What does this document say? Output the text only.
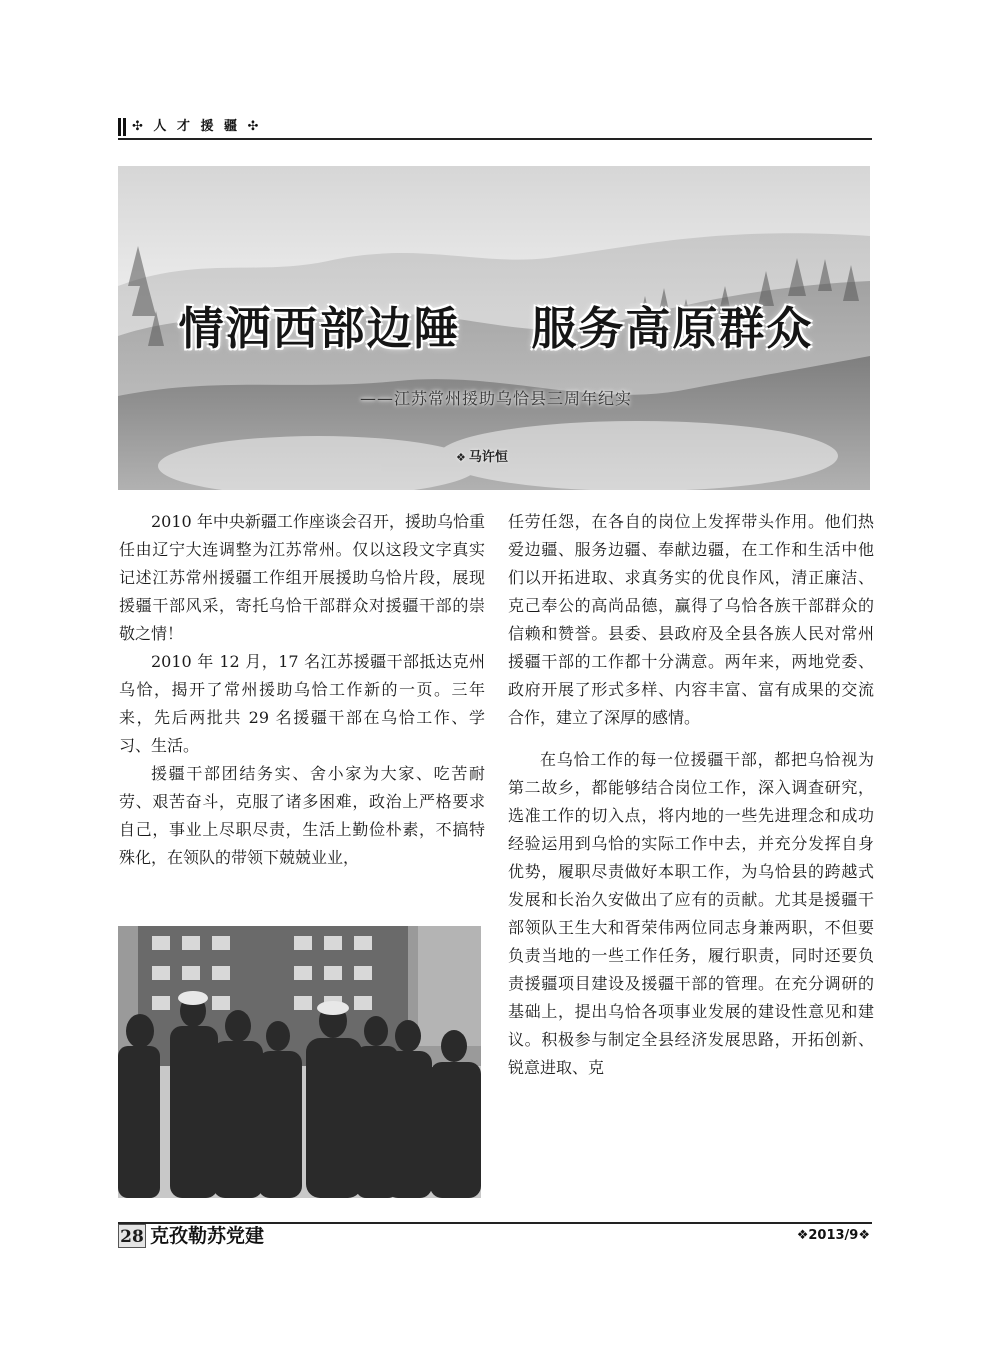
✣ 人 才 援 疆 ✣
情洒西部边陲    服务高原群众
——江苏常州援助乌恰县三周年纪实
❖ 马许恒

2010 年中央新疆工作座谈会召开，援助乌恰重任由辽宁大连调整为江苏常州。仅以这段文字真实记述江苏常州援疆工作组开展援助乌恰片段，展现援疆干部风采，寄托乌恰干部群众对援疆干部的崇敬之情！

2010 年 12 月，17 名江苏援疆干部抵达克州乌恰，揭开了常州援助乌恰工作新的一页。三年来，先后两批共 29 名援疆干部在乌恰工作、学习、生活。

援疆干部团结务实、舍小家为大家、吃苦耐劳、艰苦奋斗，克服了诸多困难，政治上严格要求自己，事业上尽职尽责，生活上勤俭朴素，不搞特殊化，在领队的带领下兢兢业业，

任劳任怨，在各自的岗位上发挥带头作用。他们热爱边疆、服务边疆、奉献边疆，在工作和生活中他们以开拓进取、求真务实的优良作风，清正廉洁、克己奉公的高尚品德，赢得了乌恰各族干部群众的信赖和赞誉。县委、县政府及全县各族人民对常州援疆干部的工作都十分满意。两年来，两地党委、政府开展了形式多样、内容丰富、富有成果的交流合作，建立了深厚的感情。

在乌恰工作的每一位援疆干部，都把乌恰视为第二故乡，都能够结合岗位工作，深入调查研究，选准工作的切入点，将内地的一些先进理念和成功经验运用到乌恰的实际工作中去，并充分发挥自身优势，履职尽责做好本职工作，为乌恰县的跨越式发展和长治久安做出了应有的贡献。尤其是援疆干部领队王生大和胥荣伟两位同志身兼两职，不但要负责当地的一些工作任务，履行职责，同时还要负责援疆项目建设及援疆干部的管理。在充分调研的基础上，提出乌恰各项事业发展的建设性意见和建议。积极参与制定全县经济发展思路，开拓创新、锐意进取、克

28 克孜勒苏党建	❖2013/9❖
